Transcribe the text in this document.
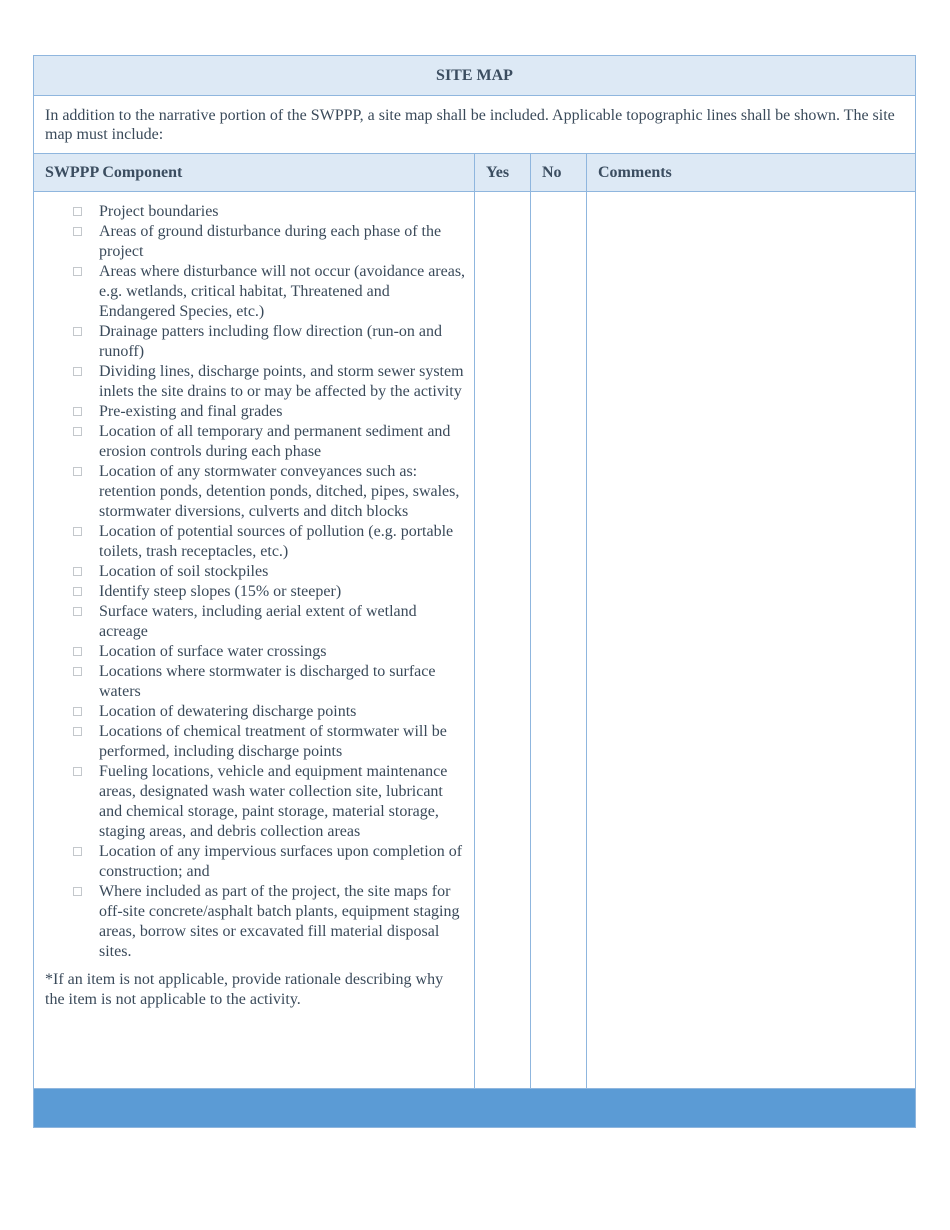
SITE MAP
In addition to the narrative portion of the SWPPP, a site map shall be included. Applicable topographic lines shall be shown. The site map must include:
SWPPP Component	Yes	No	Comments
Project boundaries
Areas of ground disturbance during each phase of the project
Areas where disturbance will not occur (avoidance areas, e.g. wetlands, critical habitat, Threatened and Endangered Species, etc.)
Drainage patters including flow direction (run-on and runoff)
Dividing lines, discharge points, and storm sewer system inlets the site drains to or may be affected by the activity
Pre-existing and final grades
Location of all temporary and permanent sediment and erosion controls during each phase
Location of any stormwater conveyances such as: retention ponds, detention ponds, ditched, pipes, swales, stormwater diversions, culverts and ditch blocks
Location of potential sources of pollution (e.g. portable toilets, trash receptacles, etc.)
Location of soil stockpiles
Identify steep slopes (15% or steeper)
Surface waters, including aerial extent of wetland acreage
Location of surface water crossings
Locations where stormwater is discharged to surface waters
Location of dewatering discharge points
Locations of chemical treatment of stormwater will be performed, including discharge points
Fueling locations, vehicle and equipment maintenance areas, designated wash water collection site, lubricant and chemical storage, paint storage, material storage, staging areas, and debris collection areas
Location of any impervious surfaces upon completion of construction; and
Where included as part of the project, the site maps for off-site concrete/asphalt batch plants, equipment staging areas, borrow sites or excavated fill material disposal sites.
*If an item is not applicable, provide rationale describing why the item is not applicable to the activity.
